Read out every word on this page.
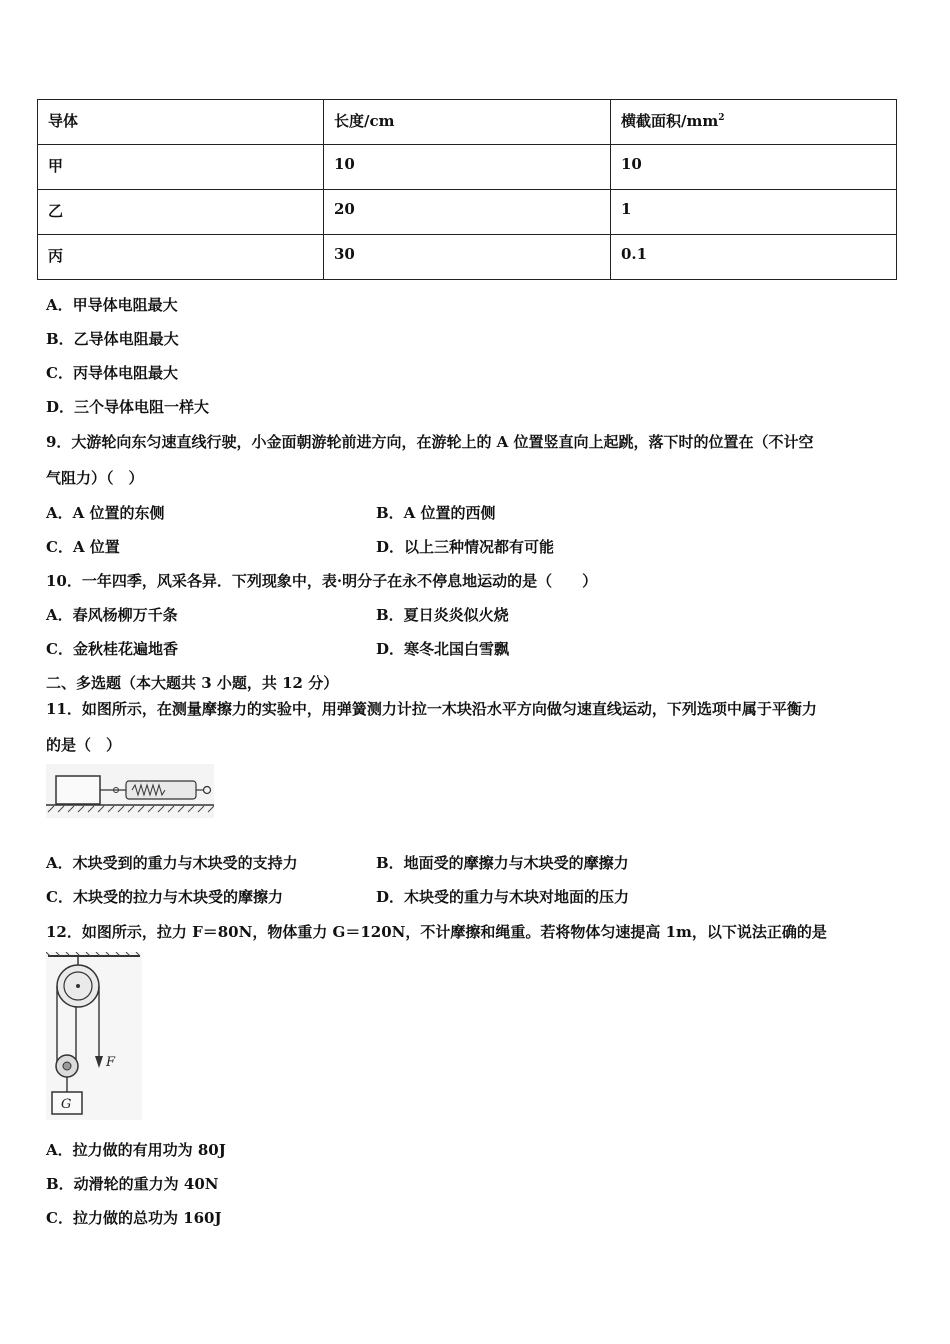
导体	长度/cm	横截面积$/mm^2$
甲	10	10
乙	20	1
丙	30	0.1
A．甲导体电阻最大
B．乙导体电阻最大
C．丙导体电阻最大
D．三个导体电阻一样大
9．大游轮向东匀速直线行驶，小金面朝游轮前进方向，在游轮上的 A 位置竖直向上起跳，落下时的位置在（不计空
气阻力）（　）
A．A 位置的东侧	B．A 位置的西侧
C．A 位置	D．以上三种情况都有可能
10．一年四季，风采各异．下列现象中，表·明分子在永不停息地运动的是（　　）
A．春风杨柳万千条	B．夏日炎炎似火烧
C．金秋桂花遍地香	D．寒冬北国白雪飘
二、多选题（本大题共 3 小题，共 12 分）
11．如图所示，在测量摩擦力的实验中，用弹簧测力计拉一木块沿水平方向做匀速直线运动，下列选项中属于平衡力
的是（　）
A．木块受到的重力与木块受的支持力	B．地面受的摩擦力与木块受的摩擦力
C．木块受的拉力与木块受的摩擦力	D．木块受的重力与木块对地面的压力
12．如图所示，拉力 F＝80N，物体重力 G＝120N，不计摩擦和绳重。若将物体匀速提高 1m，以下说法正确的是
F
G
A．拉力做的有用功为 80J
B．动滑轮的重力为 40N
C．拉力做的总功为 160J
